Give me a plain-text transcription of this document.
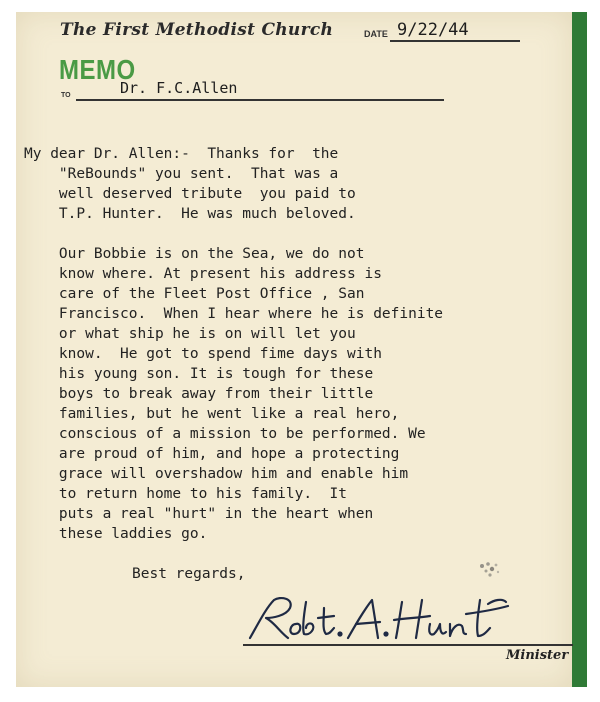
The First Methodist Church	DATE 9/22/44
MEMO
TO	Dr. F.C.Allen
My dear Dr. Allen:-  Thanks for  the
"ReBounds" you sent.  That was a
well deserved tribute  you paid to
T.P. Hunter.  He was much beloved.
Our Bobbie is on the Sea, we do not
know where. At present his address is
care of the Fleet Post Office , San
Francisco.  When I hear where he is definite
or what ship he is on will let you
know.  He got to spend fime days with
his young son. It is tough for these
boys to break away from their little
families, but he went like a real hero,
conscious of a mission to be performed. We
are proud of him, and hope a protecting
grace will overshadow him and enable him
to return home to his family.  It
puts a real "hurt" in the heart when
these laddies go.
Best regards,
Minister
